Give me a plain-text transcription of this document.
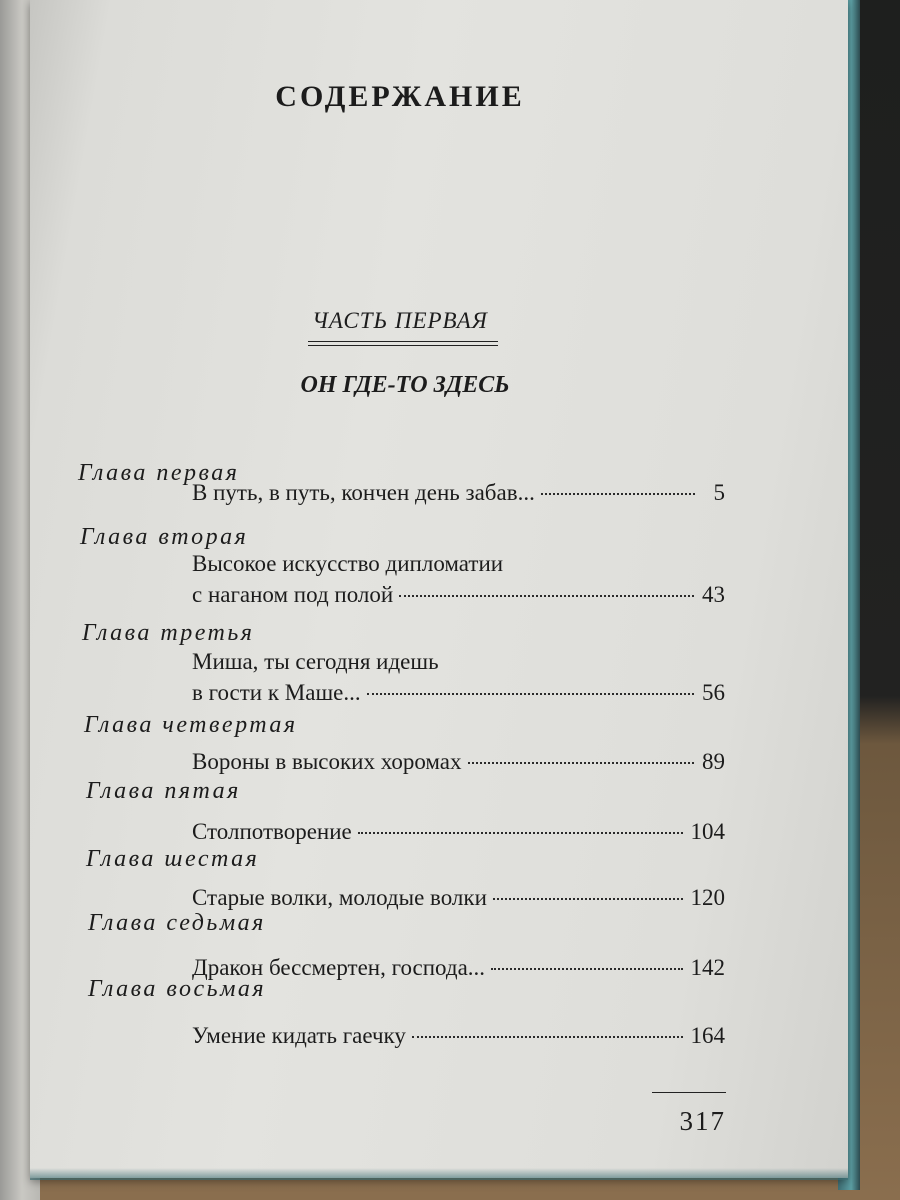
СОДЕРЖАНИЕ
ЧАСТЬ ПЕРВАЯ
ОН ГДЕ-ТО ЗДЕСЬ
Глава первая
В путь, в путь, кончен день забав...	5
Глава вторая
Высокое искусство дипломатии
с наганом под полой	43
Глава третья
Миша, ты сегодня идешь
в гости к Маше...	56
Глава четвертая
Вороны в высоких хоромах	89
Глава пятая
Столпотворение	104
Глава шестая
Старые волки, молодые волки	120
Глава седьмая
Дракон бессмертен, господа...	142
Глава восьмая
Умение кидать гаечку	164
317
